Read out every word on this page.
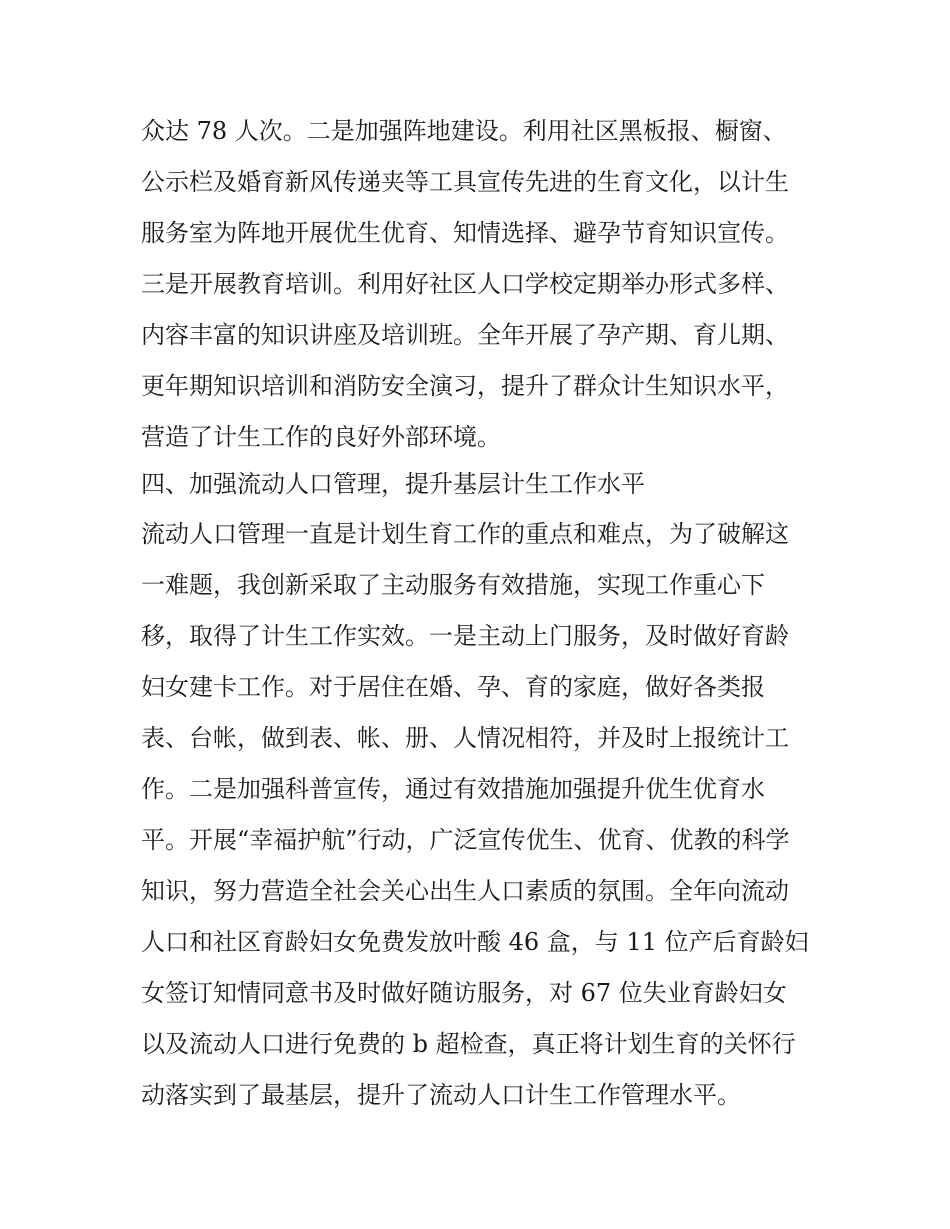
众达 78 人次。二是加强阵地建设。利用社区黑板报、橱窗、
公示栏及婚育新风传递夹等工具宣传先进的生育文化，以计生
服务室为阵地开展优生优育、知情选择、避孕节育知识宣传。
三是开展教育培训。利用好社区人口学校定期举办形式多样、
内容丰富的知识讲座及培训班。全年开展了孕产期、育儿期、
更年期知识培训和消防安全演习，提升了群众计生知识水平，
营造了计生工作的良好外部环境。
四、加强流动人口管理，提升基层计生工作水平
流动人口管理一直是计划生育工作的重点和难点，为了破解这
一难题，我创新采取了主动服务有效措施，实现工作重心下
移，取得了计生工作实效。一是主动上门服务，及时做好育龄
妇女建卡工作。对于居住在婚、孕、育的家庭，做好各类报
表、台帐，做到表、帐、册、人情况相符，并及时上报统计工
作。二是加强科普宣传，通过有效措施加强提升优生优育水
平。开展“幸福护航”行动，广泛宣传优生、优育、优教的科学
知识，努力营造全社会关心出生人口素质的氛围。全年向流动
人口和社区育龄妇女免费发放叶酸 46 盒，与 11 位产后育龄妇
女签订知情同意书及时做好随访服务，对 67 位失业育龄妇女
以及流动人口进行免费的 b 超检查，真正将计划生育的关怀行
动落实到了最基层，提升了流动人口计生工作管理水平。
